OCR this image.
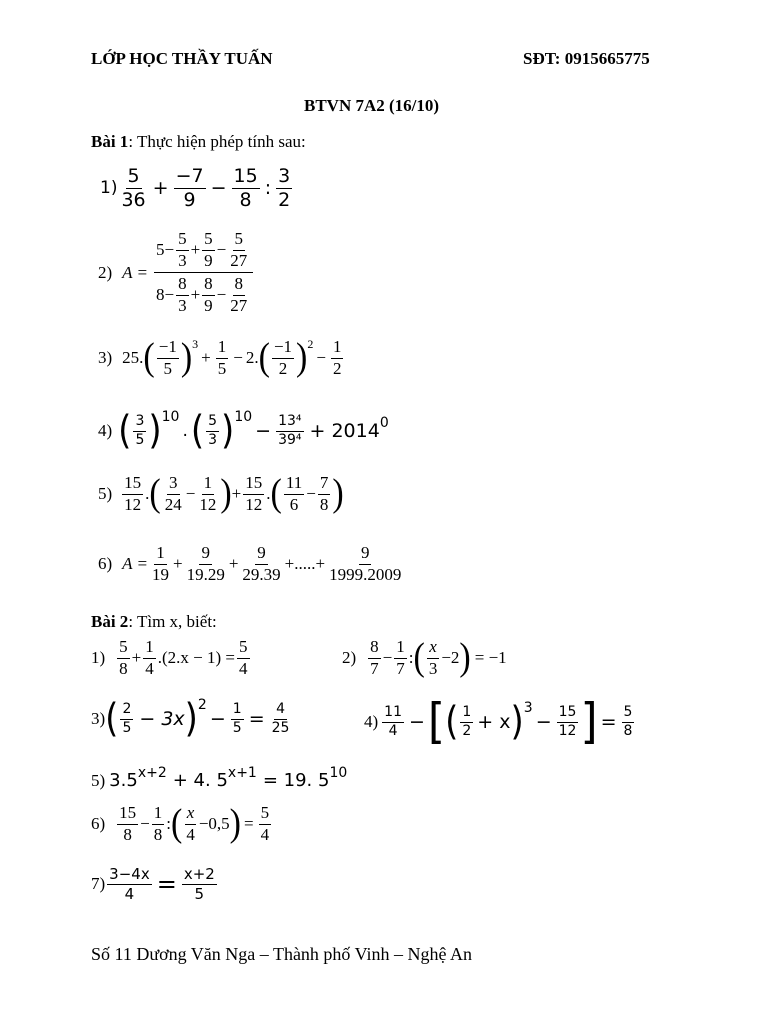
LỚP HỌC THẦY TUẤN	SĐT: 0915665775
BTVN 7A2 (16/10)
Bài 1: Thực hiện phép tính sau:
$1) \frac{5}{36} + \frac{-7}{9} - \frac{15}{8}$ : $\frac{3}{2}$
2) $A = \frac{5 - \frac{5}{3} + \frac{5}{9} - \frac{5}{27}}{8 - \frac{8}{3} + \frac{8}{9} - \frac{8}{27}}$
3) 25. ( $\frac{-1}{5}$ ) 3
+ $\frac{1}{5} - 2$. ( $\frac{-1}{2}$ ) 2
− $\frac{1}{2}$
4) ( $\frac{3}{5}$ ) 10
. ( $\frac{5}{3}$ ) 10
− $\frac{\text{13⁴}}{\text{39⁴}} + 2014$ 0
$5) \frac{15}{12}$ . ( $\frac{3}{24} - \frac{1}{12}$ ) + $\frac{15}{12}$ . ( $\frac{11}{6} - \frac{7}{8}$ )
6) $A = \frac{1}{19} + \frac{9}{19.29} + \frac{9}{29.39}$ +.....+ $\frac{9}{1999.2009}$
Bài 2: Tìm x, biết:
$1) \frac{5}{8} + \frac{1}{4} .(2.x - 1) = \frac{5}{4}$	$2) \frac{8}{7} - \frac{1}{7}$ : ( $\frac{x}{3} -2$ ) = −1
3) ( $\frac{2}{5} - 3x$ ) 2
− $\frac{1}{5} = \frac{4}{25}$	$4) \frac{11}{4}$ − [ ( $\frac{1}{2} + x$ ) 3
− $\frac{15}{12}$ ] = $\frac{5}{8}$
5) 3.5 x+2 + 4. 5 x+1 = 19. 5 10
$6) \frac{15}{8} - \frac{1}{8}$ : ( $\frac{x}{4} -0,5$ ) = $\frac{5}{4}$
$7) \frac{3-4x}{4} = \frac{x+2}{5}$
Số 11 Dương Văn Nga – Thành phố Vinh – Nghệ An
